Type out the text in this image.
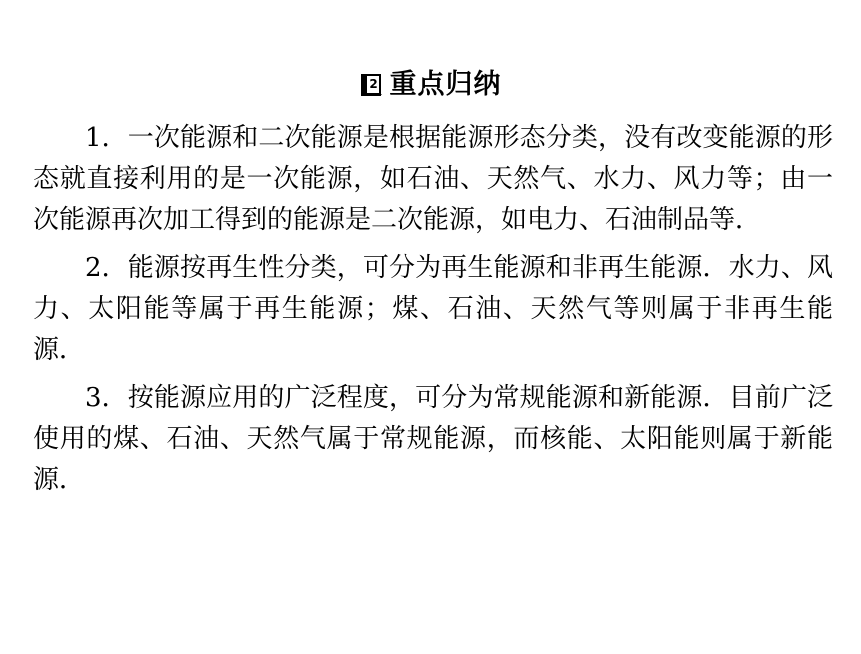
2 重点归纳

1．一次能源和二次能源是根据能源形态分类，没有改变能源的形态就直接利用的是一次能源，如石油、天然气、水力、风力等；由一次能源再次加工得到的能源是二次能源，如电力、石油制品等．

2．能源按再生性分类，可分为再生能源和非再生能源．水力、风力、太阳能等属于再生能源；煤、石油、天然气等则属于非再生能源．

3．按能源应用的广泛程度，可分为常规能源和新能源．目前广泛使用的煤、石油、天然气属于常规能源，而核能、太阳能则属于新能源．
